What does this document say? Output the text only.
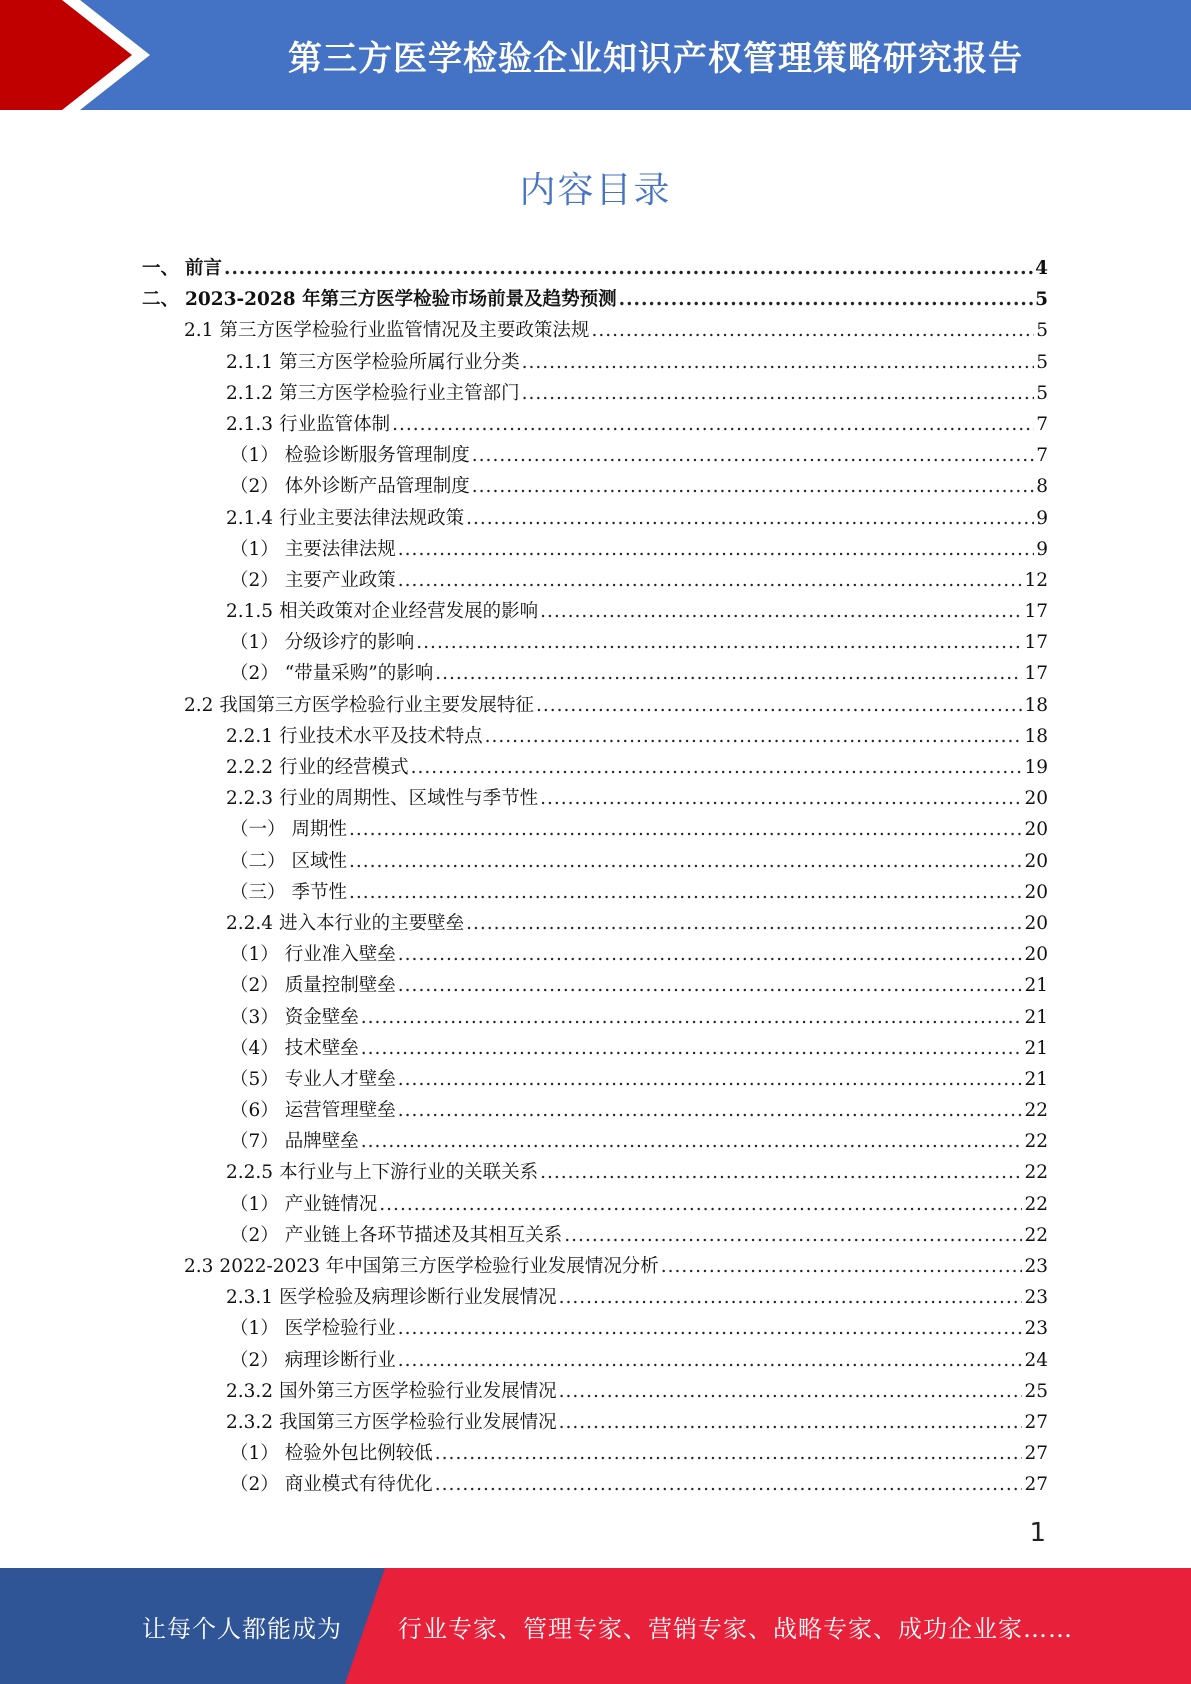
第三方医学检验企业知识产权管理策略研究报告
内容目录
一、 前言 .....	4
二、 2023-2028 年第三方医学检验市场前景及趋势预测 .....	5
2.1 第三方医学检验行业监管情况及主要政策法规 .....	5
2.1.1 第三方医学检验所属行业分类 .....	5
2.1.2 第三方医学检验行业主管部门 .....	5
2.1.3 行业监管体制 .....	7
（1） 检验诊断服务管理制度 .....	7
（2） 体外诊断产品管理制度 .....	8
2.1.4 行业主要法律法规政策 .....	9
（1） 主要法律法规 .....	9
（2） 主要产业政策 .....	12
2.1.5 相关政策对企业经营发展的影响 .....	17
（1） 分级诊疗的影响 .....	17
（2） “带量采购”的影响 .....	17
2.2 我国第三方医学检验行业主要发展特征 .....	18
2.2.1 行业技术水平及技术特点 .....	18
2.2.2 行业的经营模式 .....	19
2.2.3 行业的周期性、区域性与季节性 .....	20
（一） 周期性 .....	20
（二） 区域性 .....	20
（三） 季节性 .....	20
2.2.4 进入本行业的主要壁垒 .....	20
（1） 行业准入壁垒 .....	20
（2） 质量控制壁垒 .....	21
（3） 资金壁垒 .....	21
（4） 技术壁垒 .....	21
（5） 专业人才壁垒 .....	21
（6） 运营管理壁垒 .....	22
（7） 品牌壁垒 .....	22
2.2.5 本行业与上下游行业的关联关系 .....	22
（1） 产业链情况 .....	22
（2） 产业链上各环节描述及其相互关系 .....	22
2.3 2022-2023 年中国第三方医学检验行业发展情况分析 .....	23
2.3.1 医学检验及病理诊断行业发展情况 .....	23
（1） 医学检验行业 .....	23
（2） 病理诊断行业 .....	24
2.3.2 国外第三方医学检验行业发展情况 .....	25
2.3.2 我国第三方医学检验行业发展情况 .....	27
（1） 检验外包比例较低 .....	27
（2） 商业模式有待优化 .....	27
1
让每个人都能成为 行业专家、管理专家、营销专家、战略专家、成功企业家……
